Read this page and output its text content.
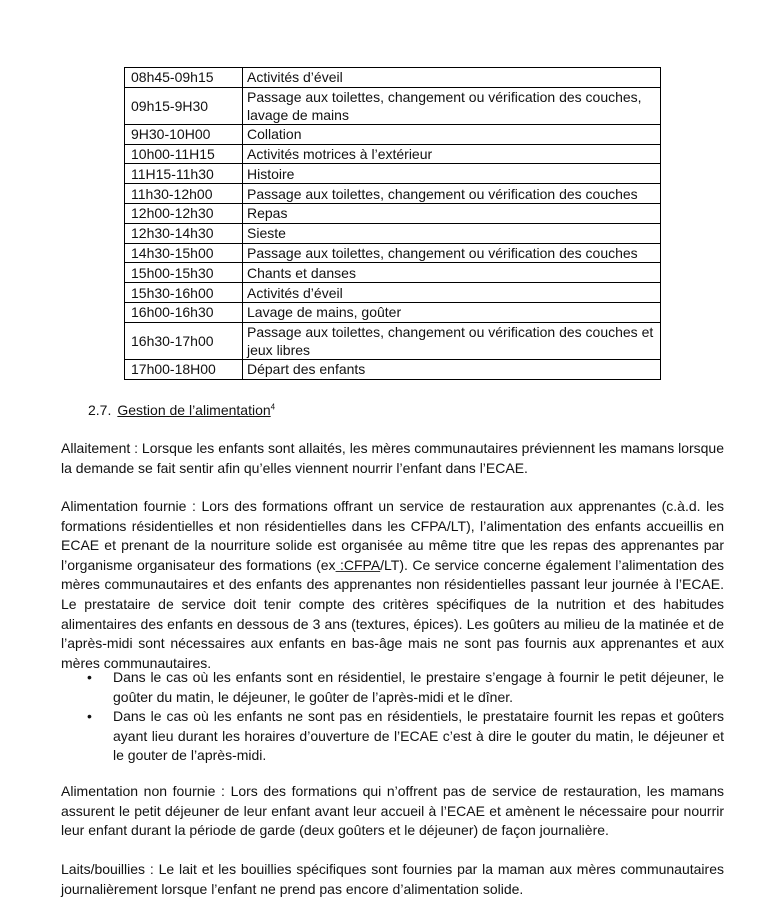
08h45-09h15	Activités d’éveil
09h15-9H30	Passage aux toilettes, changement ou vérification des couches, lavage de mains
9H30-10H00	Collation
10h00-11H15	Activités motrices à l’extérieur
11H15-11h30	Histoire
11h30-12h00	Passage aux toilettes, changement ou vérification des couches
12h00-12h30	Repas
12h30-14h30	Sieste
14h30-15h00	Passage aux toilettes, changement ou vérification des couches
15h00-15h30	Chants et danses
15h30-16h00	Activités d’éveil
16h00-16h30	Lavage de mains, goûter
16h30-17h00	Passage aux toilettes, changement ou vérification des couches et jeux libres
17h00-18H00	Départ des enfants
2.7. Gestion de l’alimentation$^4$

Allaitement : Lorsque les enfants sont allaités, les mères communautaires préviennent les mamans lorsque la demande se fait sentir afin qu’elles viennent nourrir l’enfant dans l’ECAE.

Alimentation fournie : Lors des formations offrant un service de restauration aux apprenantes (c.à.d. les formations résidentielles et non résidentielles dans les CFPA/LT), l’alimentation des enfants accueillis en ECAE et prenant de la nourriture solide est organisée au même titre que les repas des apprenantes par l’organisme organisateur des formations (ex :CFPA/LT). Ce service concerne également l’alimentation des mères communautaires et des enfants des apprenantes non résidentielles passant leur journée à l’ECAE. Le prestataire de service doit tenir compte des critères spécifiques de la nutrition et des habitudes alimentaires des enfants en dessous de 3 ans (textures, épices). Les goûters au milieu de la matinée et de l’après-midi sont nécessaires aux enfants en bas-âge mais ne sont pas fournis aux apprenantes et aux mères communautaires.

• Dans le cas où les enfants sont en résidentiel, le prestaire s’engage à fournir le petit déjeuner, le goûter du matin, le déjeuner, le goûter de l’après-midi et le dîner.
• Dans le cas où les enfants ne sont pas en résidentiels, le prestataire fournit les repas et goûters ayant lieu durant les horaires d’ouverture de l’ECAE c’est à dire le gouter du matin, le déjeuner et le gouter de l’après-midi.

Alimentation non fournie : Lors des formations qui n’offrent pas de service de restauration, les mamans assurent le petit déjeuner de leur enfant avant leur accueil à l’ECAE et amènent le nécessaire pour nourrir leur enfant durant la période de garde (deux goûters et le déjeuner) de façon journalière.

Laits/bouillies : Le lait et les bouillies spécifiques sont fournies par la maman aux mères communautaires journalièrement lorsque l’enfant ne prend pas encore d’alimentation solide.
